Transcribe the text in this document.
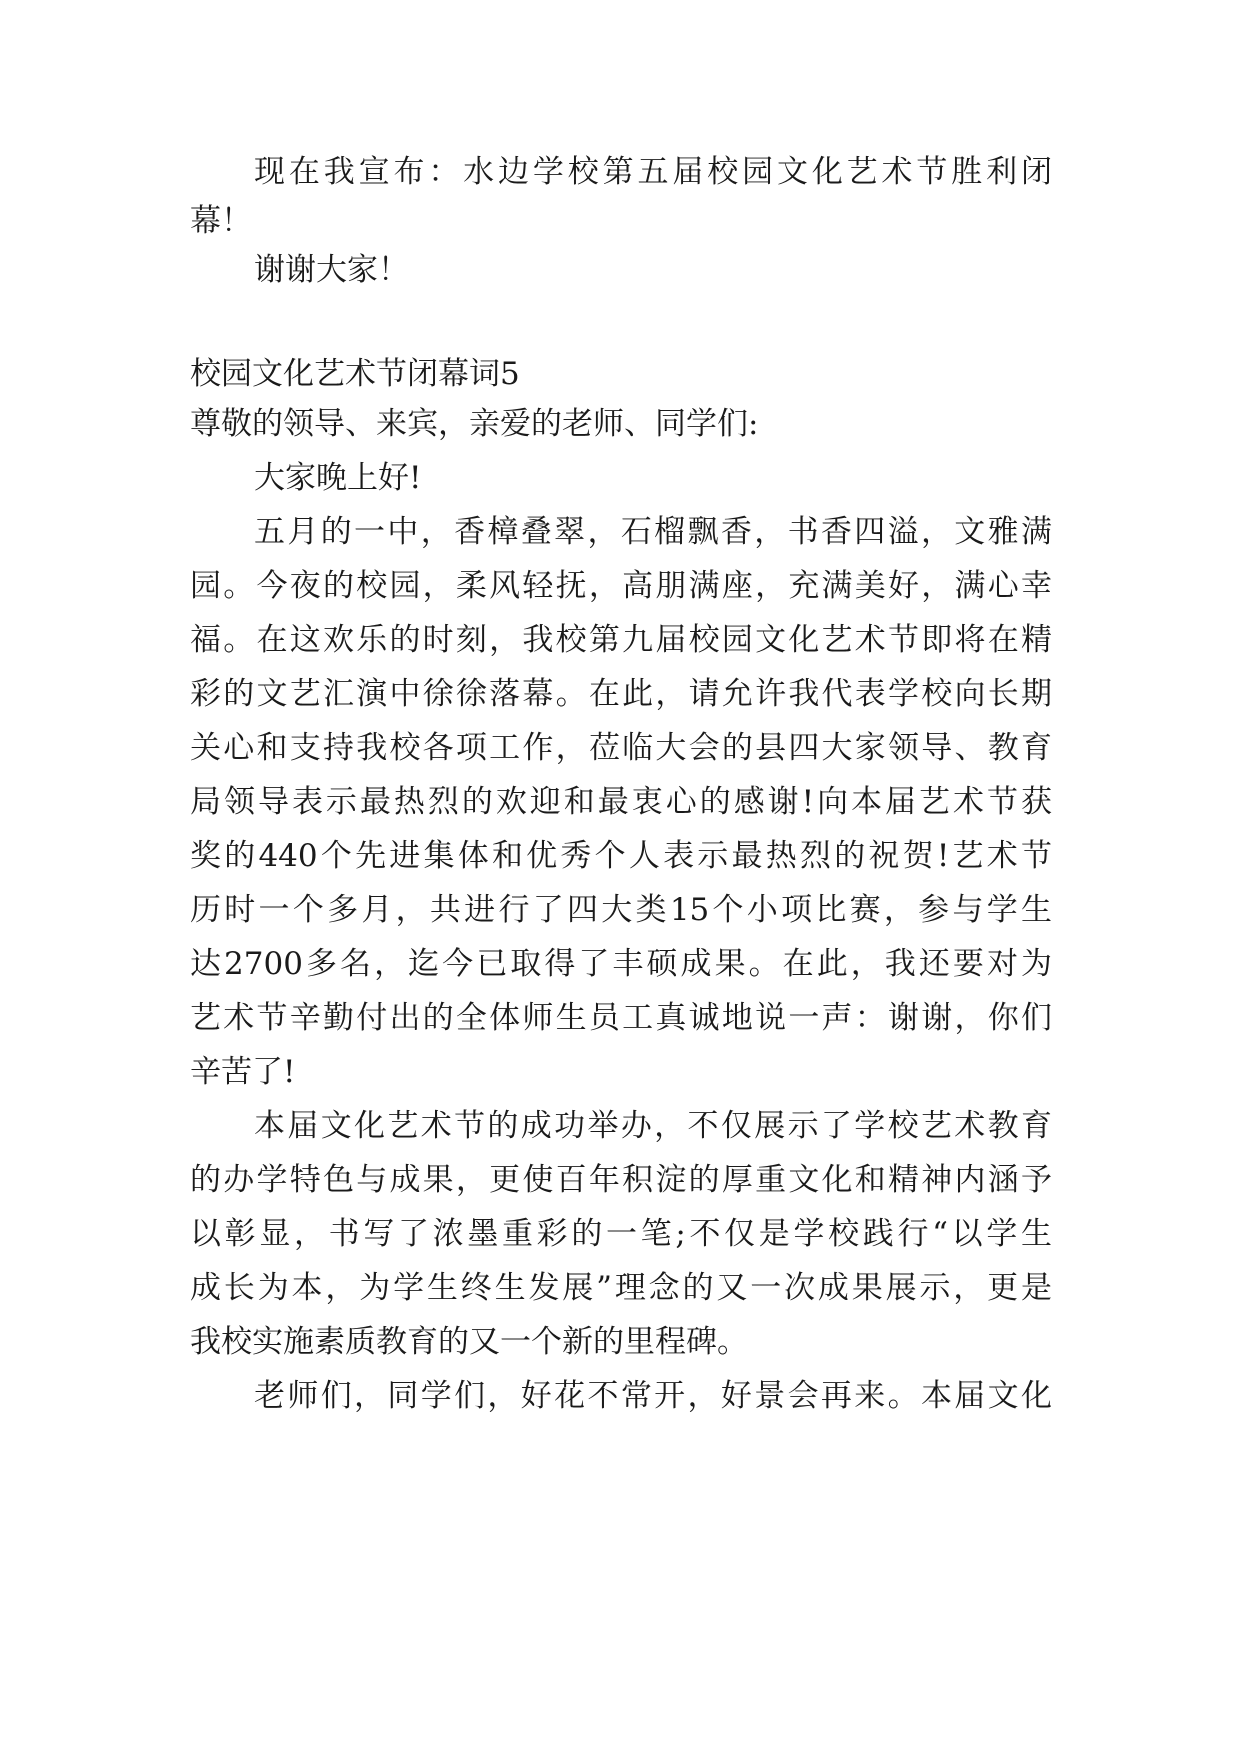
现在我宣布：水边学校第五届校园文化艺术节胜利闭
幕！
谢谢大家！
校园文化艺术节闭幕词5
尊敬的领导、来宾，亲爱的老师、同学们:
大家晚上好!
五月的一中，香樟叠翠，石榴飘香，书香四溢，文雅满
园。今夜的校园，柔风轻抚，高朋满座，充满美好，满心幸
福。在这欢乐的时刻，我校第九届校园文化艺术节即将在精
彩的文艺汇演中徐徐落幕。在此，请允许我代表学校向长期
关心和支持我校各项工作，莅临大会的县四大家领导、教育
局领导表示最热烈的欢迎和最衷心的感谢!向本届艺术节获
奖的440个先进集体和优秀个人表示最热烈的祝贺!艺术节
历时一个多月，共进行了四大类15个小项比赛，参与学生
达2700多名，迄今已取得了丰硕成果。在此，我还要对为
艺术节辛勤付出的全体师生员工真诚地说一声：谢谢，你们
辛苦了!
本届文化艺术节的成功举办，不仅展示了学校艺术教育
的办学特色与成果，更使百年积淀的厚重文化和精神内涵予
以彰显，书写了浓墨重彩的一笔;不仅是学校践行“以学生
成长为本，为学生终生发展”理念的又一次成果展示，更是
我校实施素质教育的又一个新的里程碑。
老师们，同学们，好花不常开，好景会再来。本届文化
